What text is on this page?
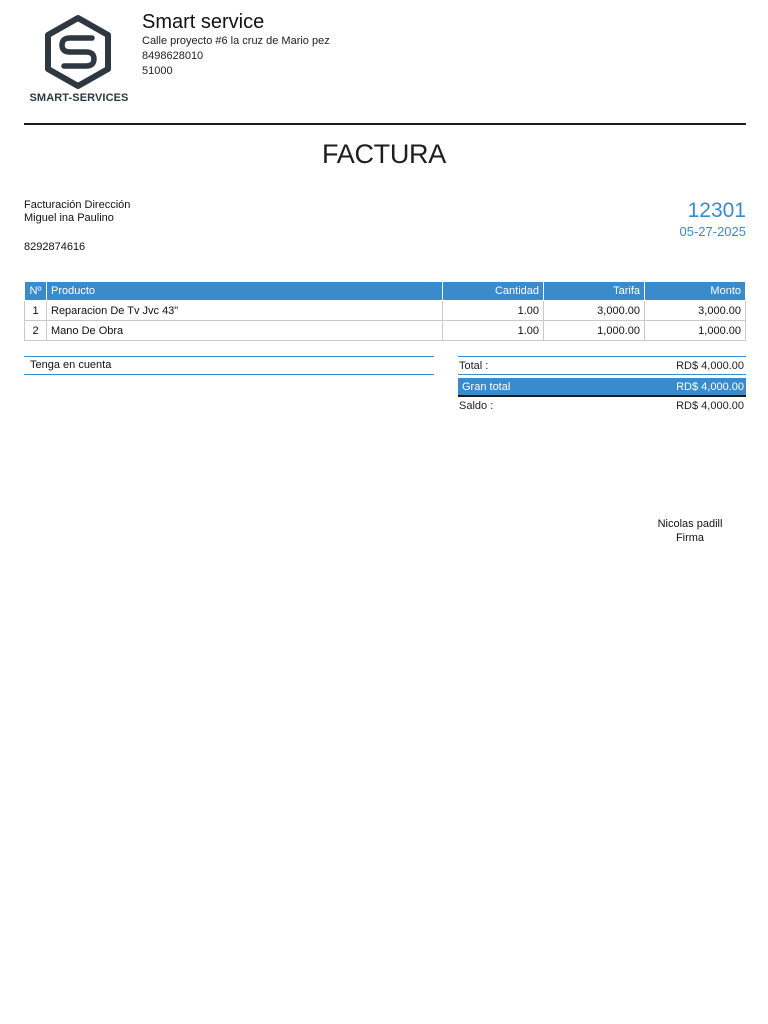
SMART-SERVICES
Smart service
Calle proyecto #6 la cruz de Mario pez
8498628010
51000
FACTURA
Facturación Dirección
Miguel ina Paulino
8292874616
12301
05-27-2025
Nº	Producto	Cantidad	Tarifa	Monto
1	Reparacion De Tv Jvc 43"	1.00	3,000.00	3,000.00
2	Mano De Obra	1.00	1,000.00	1,000.00
Tenga en cuenta	Total :	RD$ 4,000.00
Gran total	RD$ 4,000.00
Saldo :	RD$ 4,000.00
Nicolas padill
Firma
